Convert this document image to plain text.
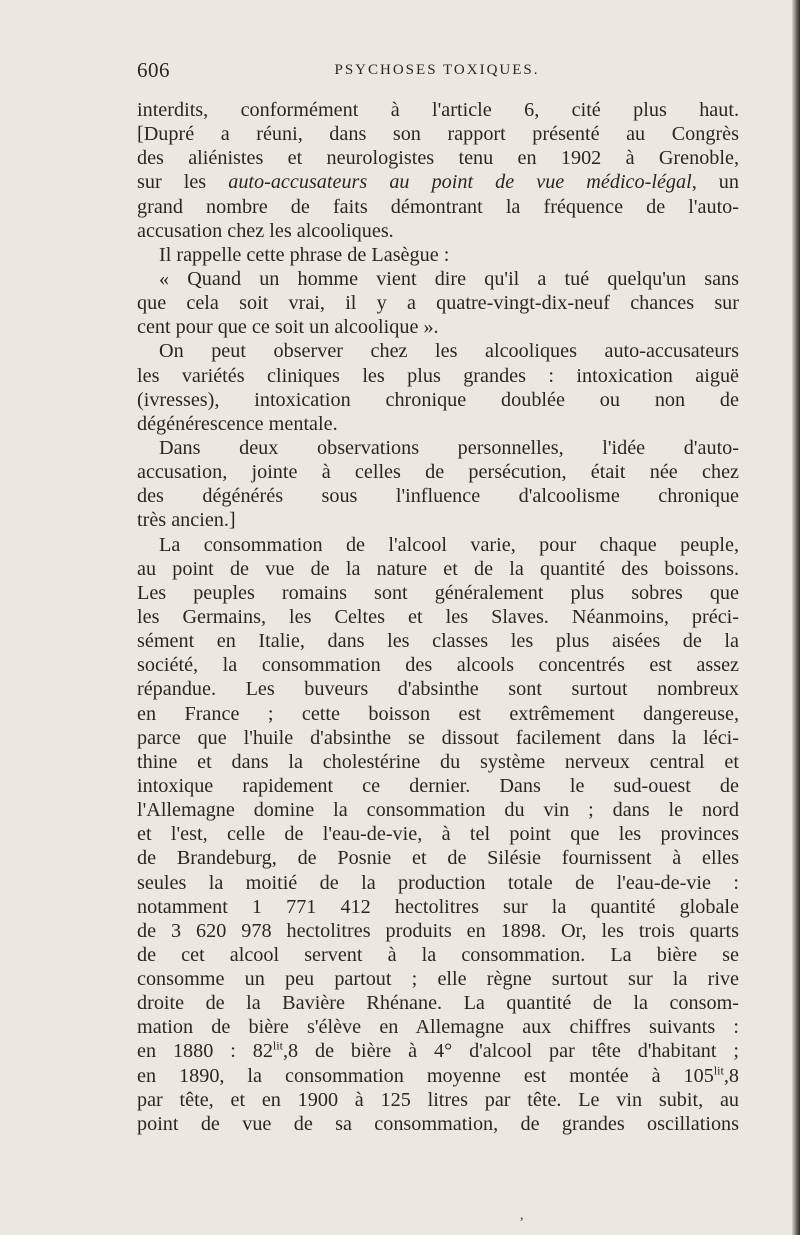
606	PSYCHOSES TOXIQUES.
interdits, conformément à l'article 6, cité plus haut.
[Dupré a réuni, dans son rapport présenté au Congrès
des aliénistes et neurologistes tenu en 1902 à Grenoble,
sur les auto-accusateurs au point de vue médico-légal, un
grand nombre de faits démontrant la fréquence de l'auto-
accusation chez les alcooliques.
Il rappelle cette phrase de Lasègue :
« Quand un homme vient dire qu'il a tué quelqu'un sans
que cela soit vrai, il y a quatre-vingt-dix-neuf chances sur
cent pour que ce soit un alcoolique ».
On peut observer chez les alcooliques auto-accusateurs
les variétés cliniques les plus grandes : intoxication aiguë
(ivresses), intoxication chronique doublée ou non de
dégénérescence mentale.
Dans deux observations personnelles, l'idée d'auto-
accusation, jointe à celles de persécution, était née chez
des dégénérés sous l'influence d'alcoolisme chronique
très ancien.]
La consommation de l'alcool varie, pour chaque peuple,
au point de vue de la nature et de la quantité des boissons.
Les peuples romains sont généralement plus sobres que
les Germains, les Celtes et les Slaves. Néanmoins, préci-
sément en Italie, dans les classes les plus aisées de la
société, la consommation des alcools concentrés est assez
répandue. Les buveurs d'absinthe sont surtout nombreux
en France ; cette boisson est extrêmement dangereuse,
parce que l'huile d'absinthe se dissout facilement dans la léci-
thine et dans la cholestérine du système nerveux central et
intoxique rapidement ce dernier. Dans le sud-ouest de
l'Allemagne domine la consommation du vin ; dans le nord
et l'est, celle de l'eau-de-vie, à tel point que les provinces
de Brandeburg, de Posnie et de Silésie fournissent à elles
seules la moitié de la production totale de l'eau-de-vie :
notamment 1 771 412 hectolitres sur la quantité globale
de 3 620 978 hectolitres produits en 1898. Or, les trois quarts
de cet alcool servent à la consommation. La bière se
consomme un peu partout ; elle règne surtout sur la rive
droite de la Bavière Rhénane. La quantité de la consom-
mation de bière s'élève en Allemagne aux chiffres suivants :
en 1880 : $82^{lit},8$ de bière à 4° d'alcool par tête d'habitant ;
en 1890, la consommation moyenne est montée à $105^{lit},8$
par tête, et en 1900 à 125 litres par tête. Le vin subit, au
point de vue de sa consommation, de grandes oscillations
,
